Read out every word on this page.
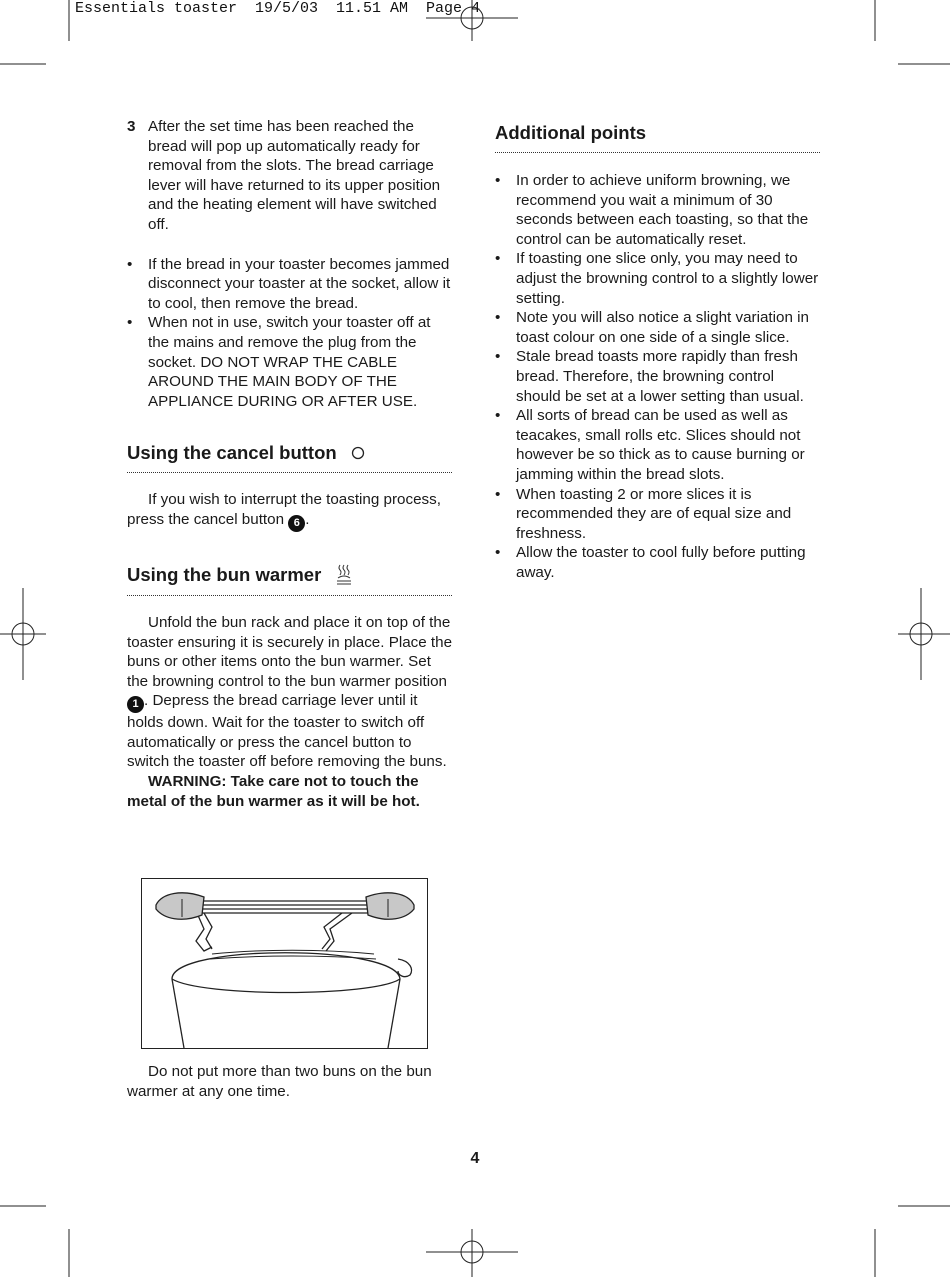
Essentials toaster  19/5/03  11.51 AM  Page 4
3 After the set time has been reached the bread will pop up automatically ready for removal from the slots. The bread carriage lever will have returned to its upper position and the heating element will have switched off.
•	If the bread in your toaster becomes jammed disconnect your toaster at the socket, allow it to cool, then remove the bread.
•	When not in use, switch your toaster off at the mains and remove the plug from the socket. DO NOT WRAP THE CABLE AROUND THE MAIN BODY OF THE APPLIANCE DURING OR AFTER USE.
Using the cancel button

If you wish to interrupt the toasting process, press the cancel button 6 .

Using the bun warmer

Unfold the bun rack and place it on top of the toaster ensuring it is securely in place. Place the buns or other items onto the bun warmer. Set the browning control to the bun warmer position 1 . Depress the bread carriage lever until it holds down. Wait for the toaster to switch off automatically or press the cancel button to switch the toaster off before removing the buns.

WARNING: Take care not to touch the metal of the bun warmer as it will be hot.

Do not put more than two buns on the bun warmer at any one time.

Additional points
•	In order to achieve uniform browning, we recommend you wait a minimum of 30 seconds between each toasting, so that the control can be automatically reset.
•	If toasting one slice only, you may need to adjust the browning control to a slightly lower setting.
•	Note you will also notice a slight variation in toast colour on one side of a single slice.
•	Stale bread toasts more rapidly than fresh bread. Therefore, the browning control should be set at a lower setting than usual.
•	All sorts of bread can be used as well as teacakes, small rolls etc. Slices should not however be so thick as to cause burning or jamming within the bread slots.
•	When toasting 2 or more slices it is recommended they are of equal size and freshness.
•	Allow the toaster to cool fully before putting away.
4
